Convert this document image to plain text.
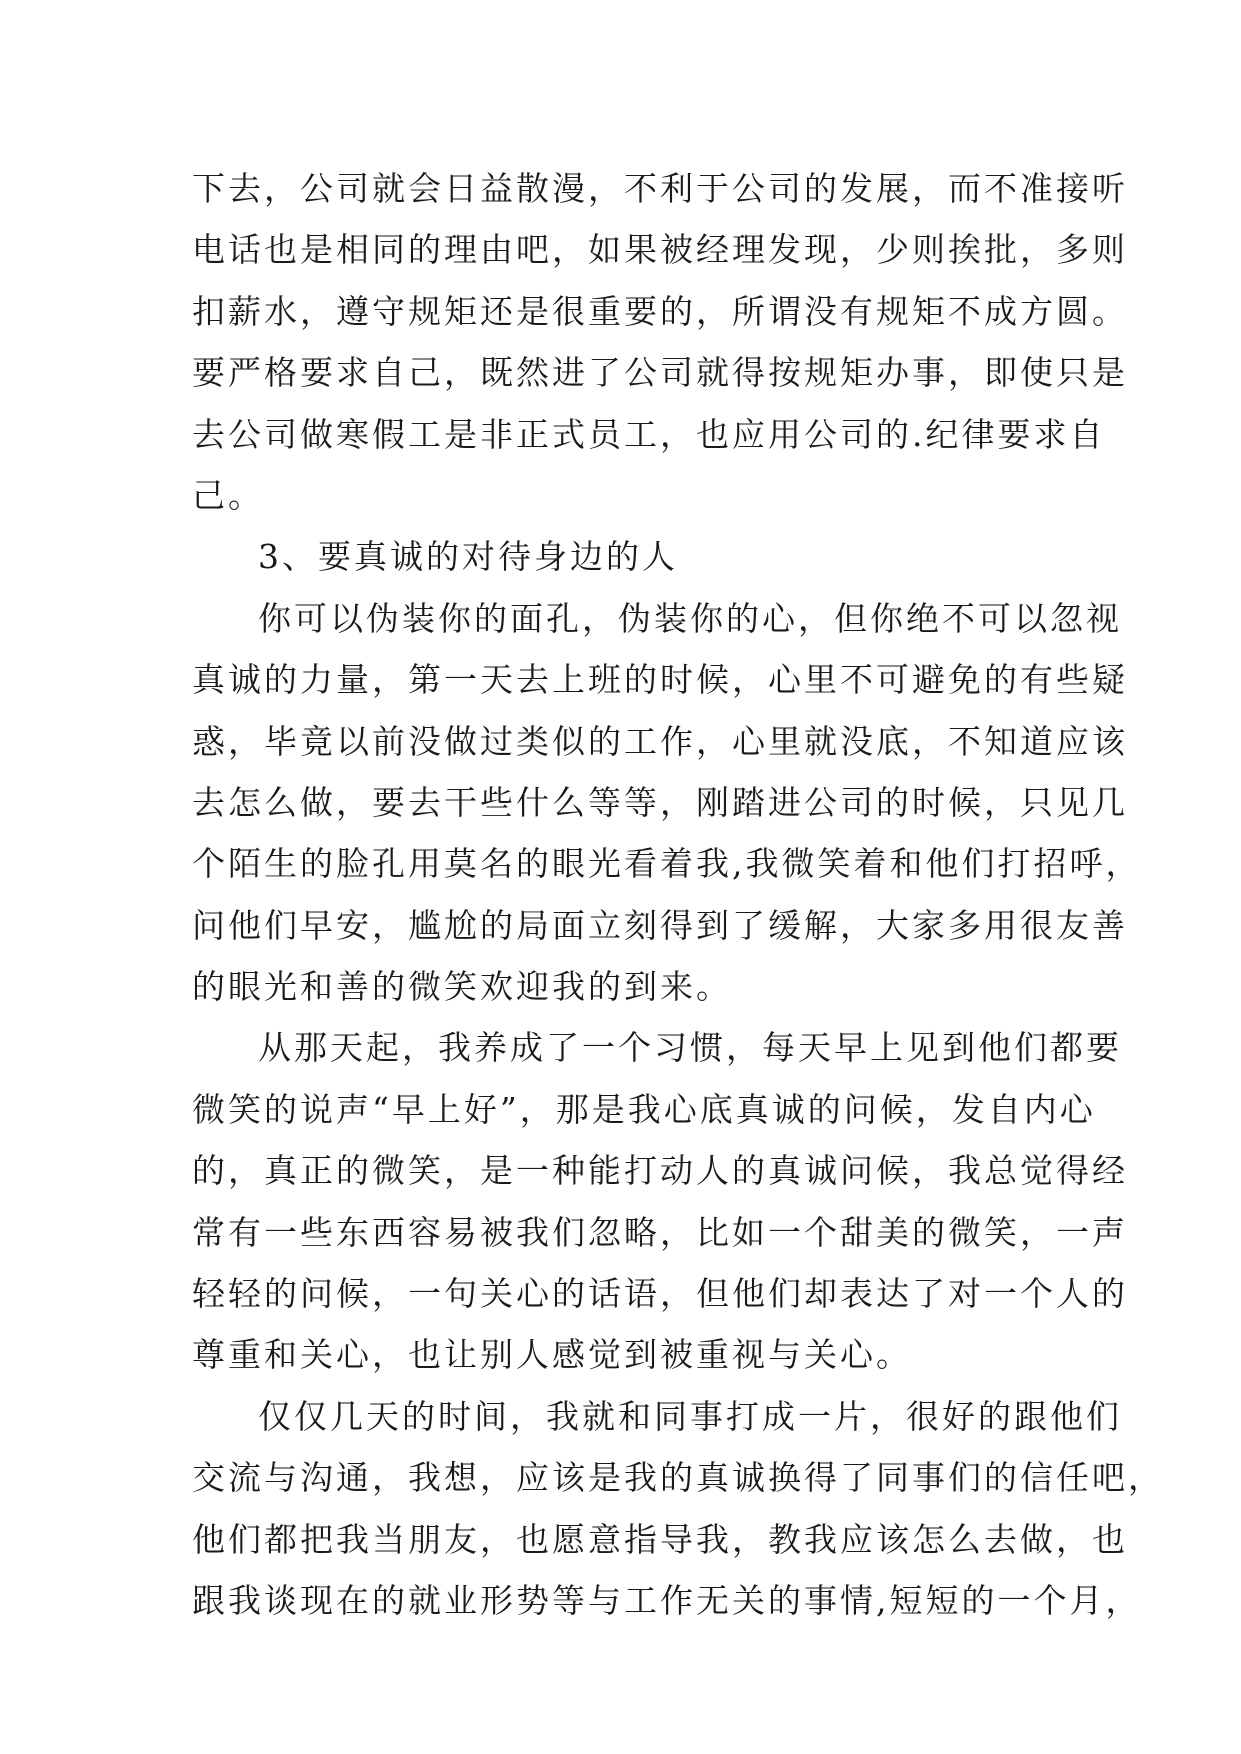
下去，公司就会日益散漫，不利于公司的发展，而不准接听
电话也是相同的理由吧，如果被经理发现，少则挨批，多则
扣薪水，遵守规矩还是很重要的，所谓没有规矩不成方圆。
要严格要求自己，既然进了公司就得按规矩办事，即使只是
去公司做寒假工是非正式员工，也应用公司的.纪律要求自
己。
3、要真诚的对待身边的人
你可以伪装你的面孔，伪装你的心，但你绝不可以忽视
真诚的力量，第一天去上班的时候，心里不可避免的有些疑
惑，毕竟以前没做过类似的工作，心里就没底，不知道应该
去怎么做，要去干些什么等等，刚踏进公司的时候，只见几
个陌生的脸孔用莫名的眼光看着我,我微笑着和他们打招呼，
问他们早安，尴尬的局面立刻得到了缓解，大家多用很友善
的眼光和善的微笑欢迎我的到来。
从那天起，我养成了一个习惯，每天早上见到他们都要
微笑的说声“早上好”，那是我心底真诚的问候，发自内心
的，真正的微笑，是一种能打动人的真诚问候，我总觉得经
常有一些东西容易被我们忽略，比如一个甜美的微笑，一声
轻轻的问候，一句关心的话语，但他们却表达了对一个人的
尊重和关心，也让别人感觉到被重视与关心。
仅仅几天的时间，我就和同事打成一片，很好的跟他们
交流与沟通，我想，应该是我的真诚换得了同事们的信任吧，
他们都把我当朋友，也愿意指导我，教我应该怎么去做，也
跟我谈现在的就业形势等与工作无关的事情,短短的一个月，
